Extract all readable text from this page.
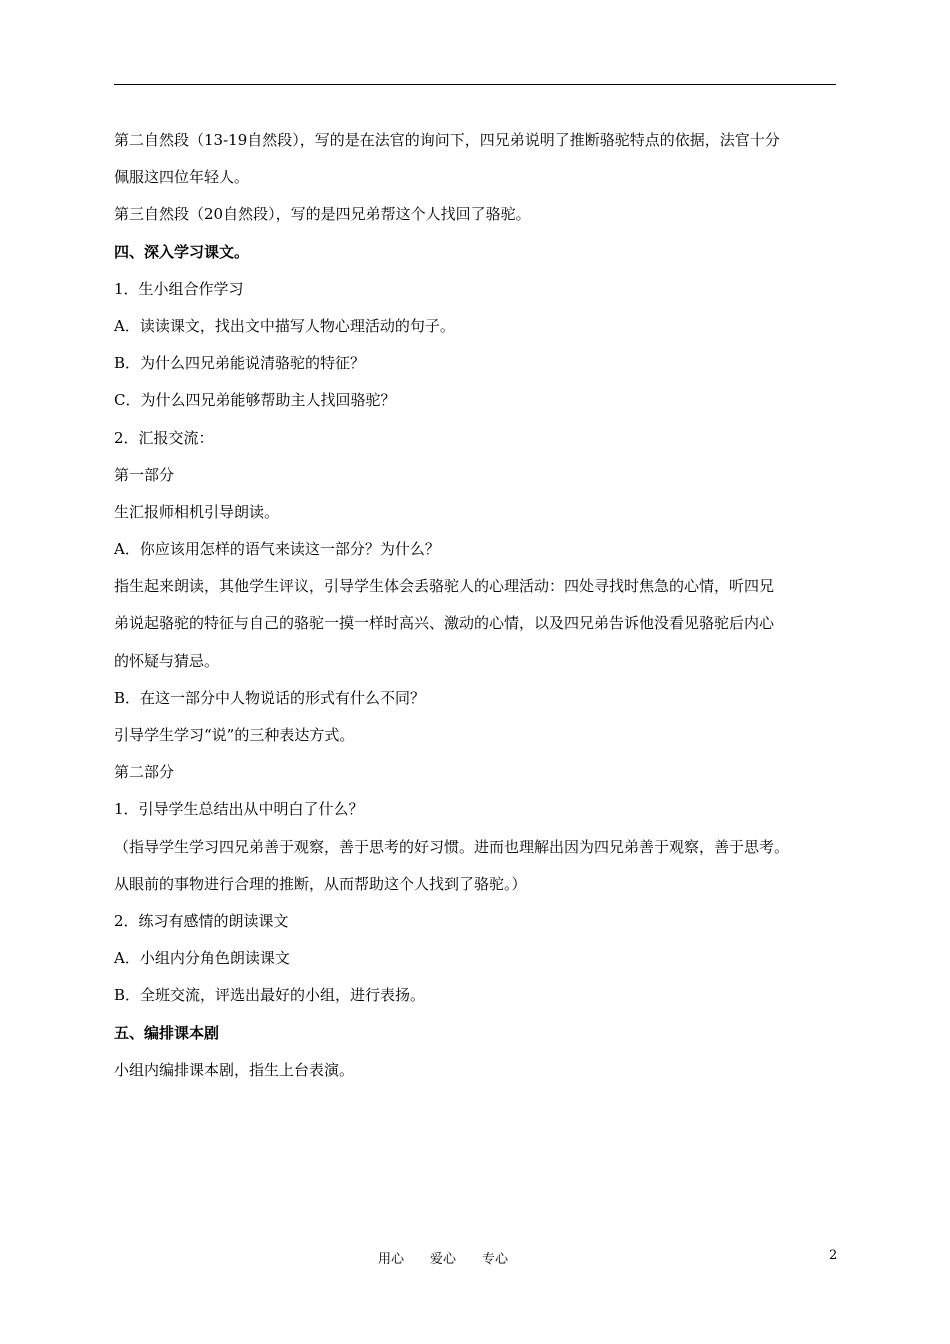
第二自然段（13-19自然段），写的是在法官的询问下，四兄弟说明了推断骆驼特点的依据，法官十分
佩服这四位年轻人。
第三自然段（20自然段），写的是四兄弟帮这个人找回了骆驼。
四、深入学习课文。
1．生小组合作学习
A．读读课文，找出文中描写人物心理活动的句子。
B．为什么四兄弟能说清骆驼的特征？
C．为什么四兄弟能够帮助主人找回骆驼？
2．汇报交流：
第一部分
生汇报师相机引导朗读。
A．你应该用怎样的语气来读这一部分？为什么？
指生起来朗读，其他学生评议，引导学生体会丢骆驼人的心理活动：四处寻找时焦急的心情，听四兄
弟说起骆驼的特征与自己的骆驼一摸一样时高兴、激动的心情，以及四兄弟告诉他没看见骆驼后内心
的怀疑与猜忌。
B．在这一部分中人物说话的形式有什么不同？
引导学生学习“说”的三种表达方式。
第二部分
1．引导学生总结出从中明白了什么？
（指导学生学习四兄弟善于观察，善于思考的好习惯。进而也理解出因为四兄弟善于观察，善于思考。
从眼前的事物进行合理的推断，从而帮助这个人找到了骆驼。）
2．练习有感情的朗读课文
A．小组内分角色朗读课文
B．全班交流，评选出最好的小组，进行表扬。
五、编排课本剧
小组内编排课本剧，指生上台表演。
用心　　爱心　　专心	2
